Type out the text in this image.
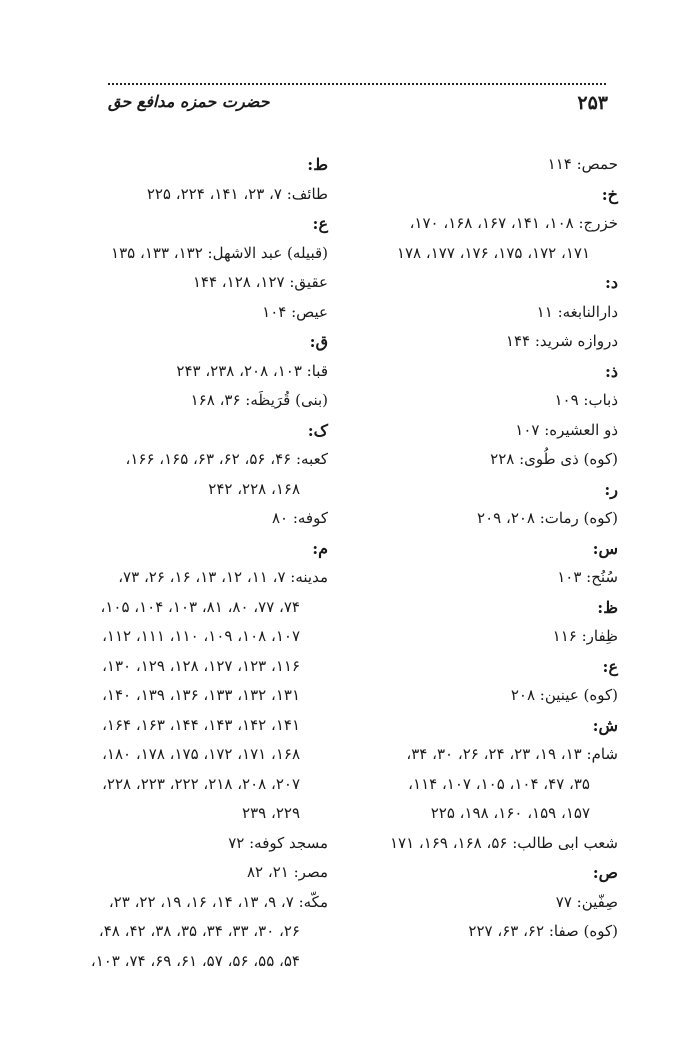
۲۵۳
حضرت حمزه مدافع حق
حمص: ۱۱۴
خ:
خزرج: ۱۰۸، ۱۴۱، ۱۶۷، ۱۶۸، ۱۷۰،
۱۷۱، ۱۷۲، ۱۷۵، ۱۷۶، ۱۷۷، ۱۷۸
د:
دارالنابغه: ۱۱
دروازه شرید: ۱۴۴
ذ:
ذباب: ۱۰۹
ذو العشیره: ۱۰۷
(کوه) ذی طُوی: ۲۲۸
ر:
(کوه) رمات: ۲۰۸، ۲۰۹
س:
سُنُح: ۱۰۳
ظ:
ظِفار: ۱۱۶
ع:
(کوه) عینین: ۲۰۸
ش:
شام: ۱۳، ۱۹، ۲۳، ۲۴، ۲۶، ۳۰، ۳۴،
۳۵، ۴۷، ۱۰۴، ۱۰۵، ۱۰۷، ۱۱۴،
۱۵۷، ۱۵۹، ۱۶۰، ۱۹۸، ۲۲۵
شعب ابی طالب: ۵۶، ۱۶۸، ۱۶۹، ۱۷۱
ص:
صِفّین: ۷۷
(کوه) صفا: ۶۲، ۶۳، ۲۲۷
ط:
طائف: ۷، ۲۳، ۱۴۱، ۲۲۴، ۲۲۵
ع:
(قبیله) عبد الاشهل: ۱۳۲، ۱۳۳، ۱۳۵
عقیق: ۱۲۷، ۱۲۸، ۱۴۴
عیص: ۱۰۴
ق:
قبا: ۱۰۳، ۲۰۸، ۲۳۸، ۲۴۳
(بنی) قُرَیظَه: ۳۶، ۱۶۸
ک:
کعبه: ۴۶، ۵۶، ۶۲، ۶۳، ۱۶۵، ۱۶۶،
۱۶۸، ۲۲۸، ۲۴۲
کوفه: ۸۰
م:
مدینه: ۷، ۱۱، ۱۲، ۱۳، ۱۶، ۲۶، ۷۳،
۷۴، ۷۷، ۸۰، ۸۱، ۱۰۳، ۱۰۴، ۱۰۵،
۱۰۷، ۱۰۸، ۱۰۹، ۱۱۰، ۱۱۱، ۱۱۲،
۱۱۶، ۱۲۳، ۱۲۷، ۱۲۸، ۱۲۹، ۱۳۰،
۱۳۱، ۱۳۲، ۱۳۳، ۱۳۶، ۱۳۹، ۱۴۰،
۱۴۱، ۱۴۲، ۱۴۳، ۱۴۴، ۱۶۳، ۱۶۴،
۱۶۸، ۱۷۱، ۱۷۲، ۱۷۵، ۱۷۸، ۱۸۰،
۲۰۷، ۲۰۸، ۲۱۸، ۲۲۲، ۲۲۳، ۲۲۸،
۲۲۹، ۲۳۹
مسجد کوفه: ۷۲
مصر: ۲۱، ۸۲
مکّه: ۷، ۹، ۱۳، ۱۴، ۱۶، ۱۹، ۲۲، ۲۳،
۲۶، ۳۰، ۳۳، ۳۴، ۳۵، ۳۸، ۴۲، ۴۸،
۵۴، ۵۵، ۵۶، ۵۷، ۶۱، ۶۹، ۷۴، ۱۰۳،
